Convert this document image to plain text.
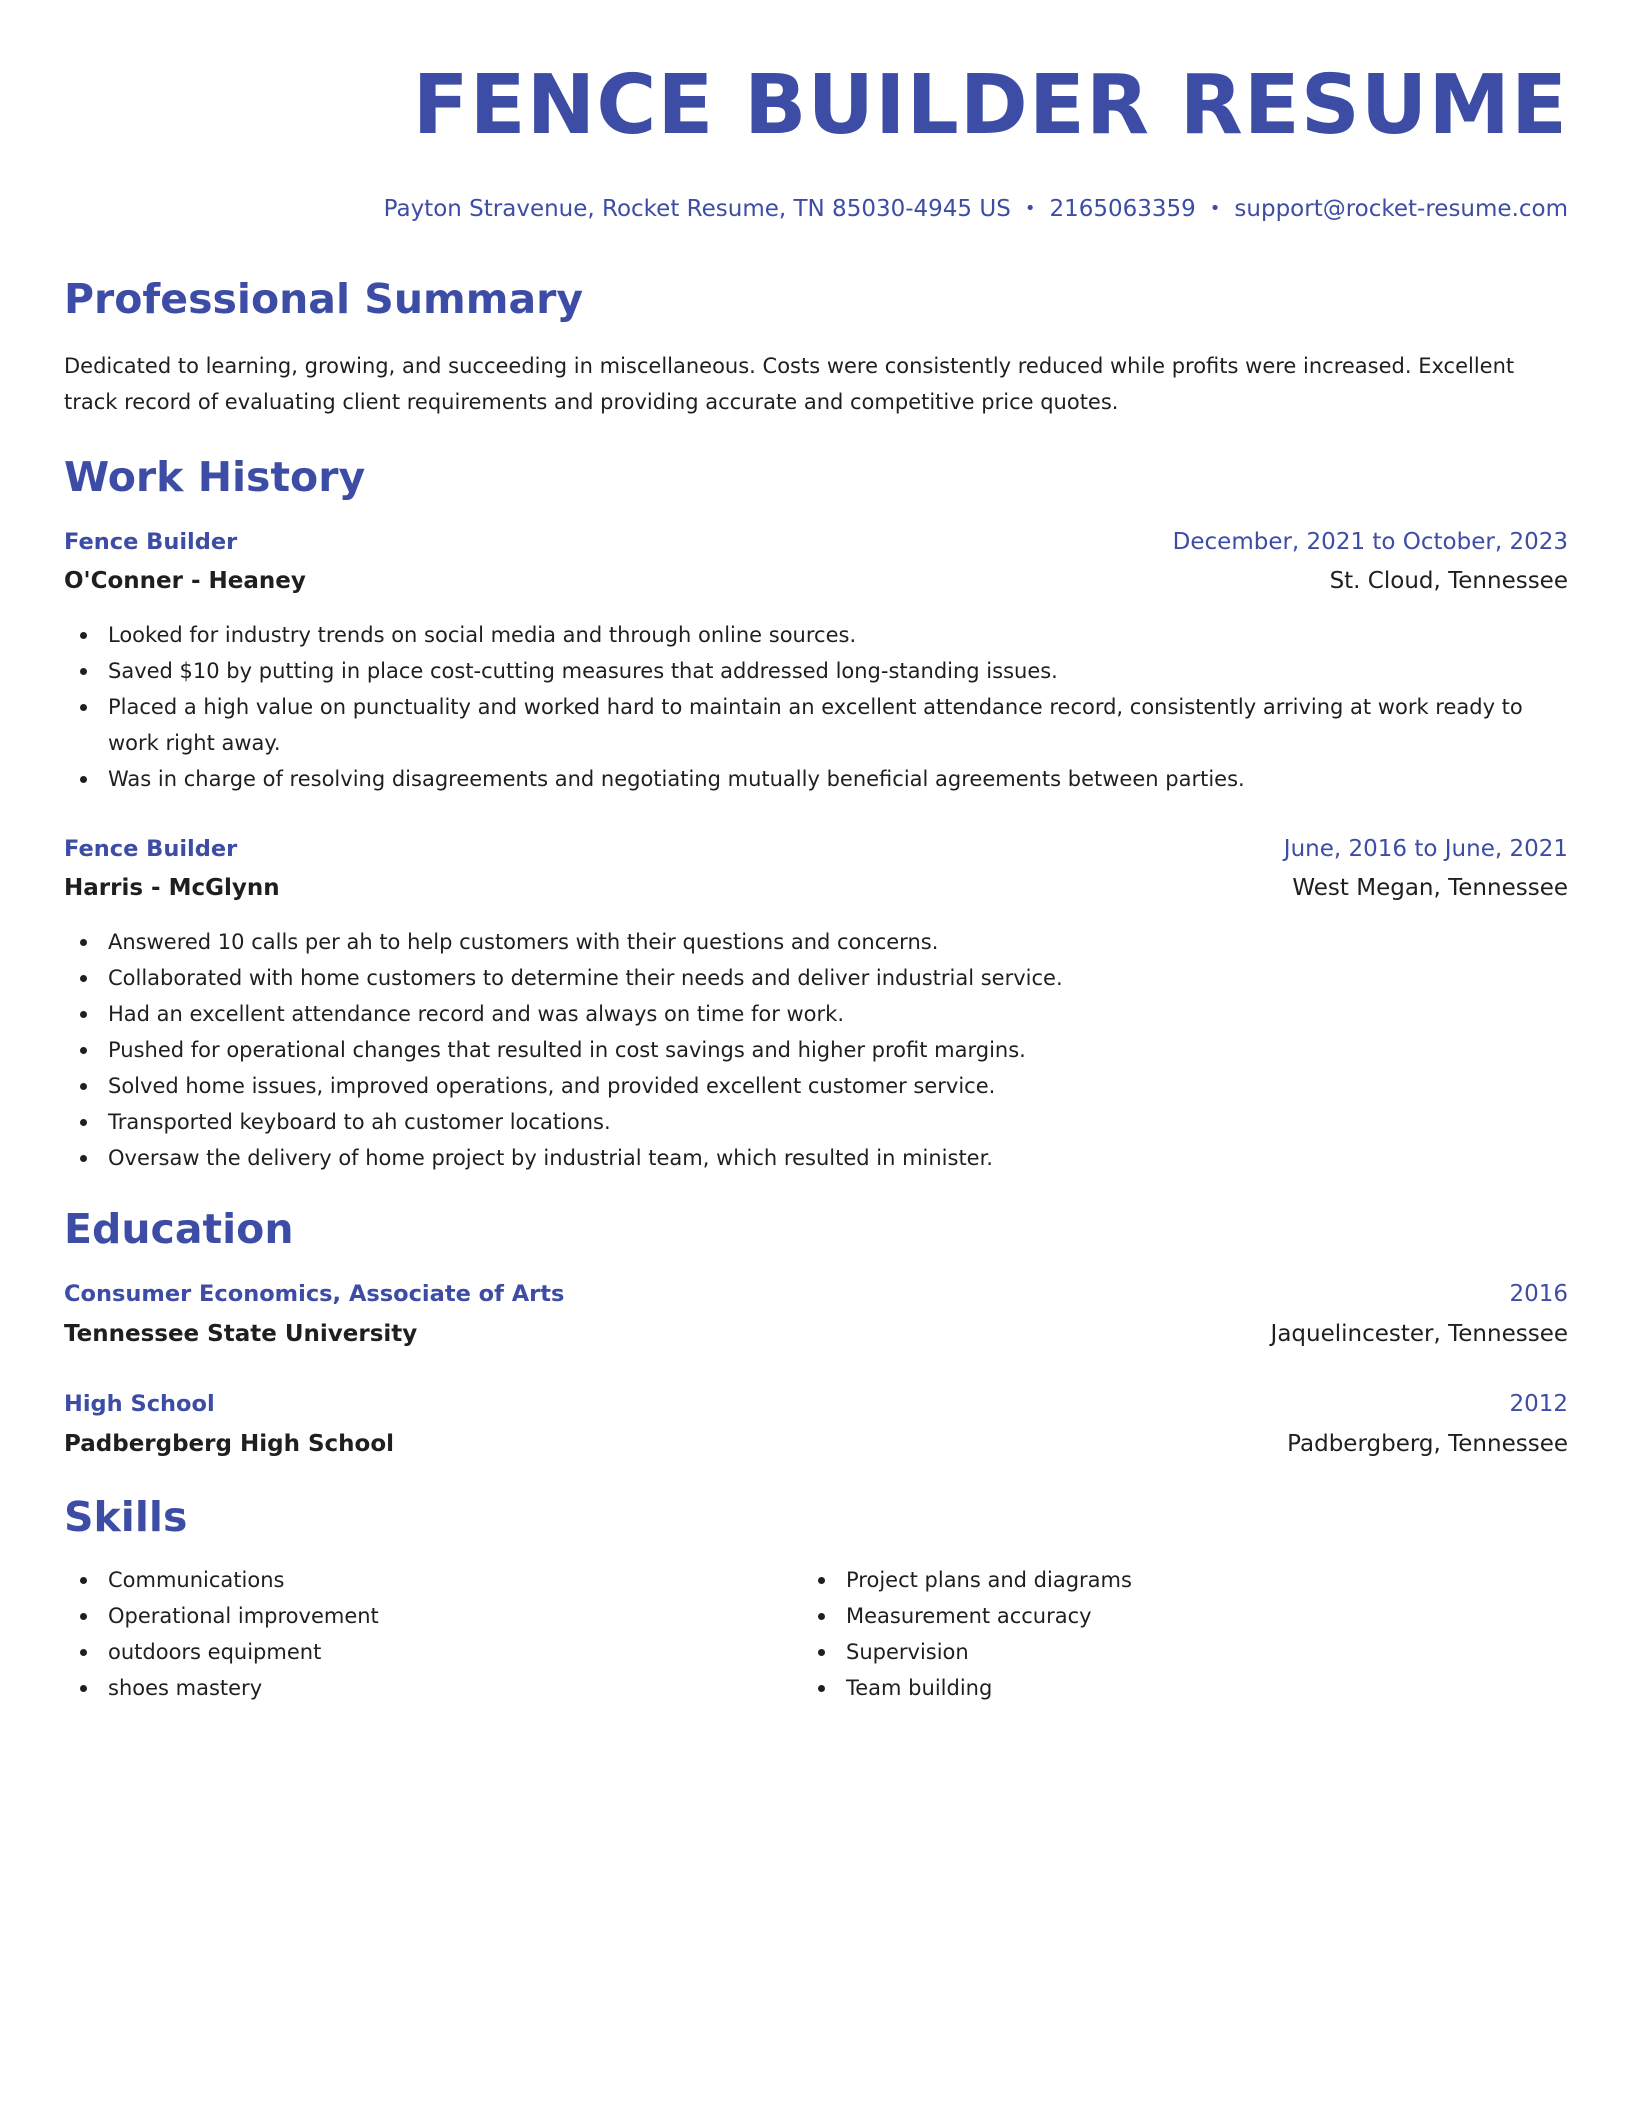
FENCE BUILDER RESUME
Payton Stravenue, Rocket Resume, TN 85030-4945 US • 2165063359 • support@rocket-resume.com
Professional Summary

Dedicated to learning, growing, and succeeding in miscellaneous. Costs were consistently reduced while profits were increased. Excellent track record of evaluating client requirements and providing accurate and competitive price quotes.

Work History
Fence Builder	December, 2021 to October, 2023
O'Conner - Heaney	St. Cloud, Tennessee
Looked for industry trends on social media and through online sources.
Saved $10 by putting in place cost-cutting measures that addressed long-standing issues.
Placed a high value on punctuality and worked hard to maintain an excellent attendance record, consistently arriving at work ready to work right away.
Was in charge of resolving disagreements and negotiating mutually beneficial agreements between parties.
Fence Builder	June, 2016 to June, 2021
Harris - McGlynn	West Megan, Tennessee
Answered 10 calls per ah to help customers with their questions and concerns.
Collaborated with home customers to determine their needs and deliver industrial service.
Had an excellent attendance record and was always on time for work.
Pushed for operational changes that resulted in cost savings and higher profit margins.
Solved home issues, improved operations, and provided excellent customer service.
Transported keyboard to ah customer locations.
Oversaw the delivery of home project by industrial team, which resulted in minister.
Education
Consumer Economics, Associate of Arts	2016
Tennessee State University	Jaquelincester, Tennessee
High School	2012
Padbergberg High School	Padbergberg, Tennessee
Skills
Communications
Operational improvement
outdoors equipment
shoes mastery
Project plans and diagrams
Measurement accuracy
Supervision
Team building
